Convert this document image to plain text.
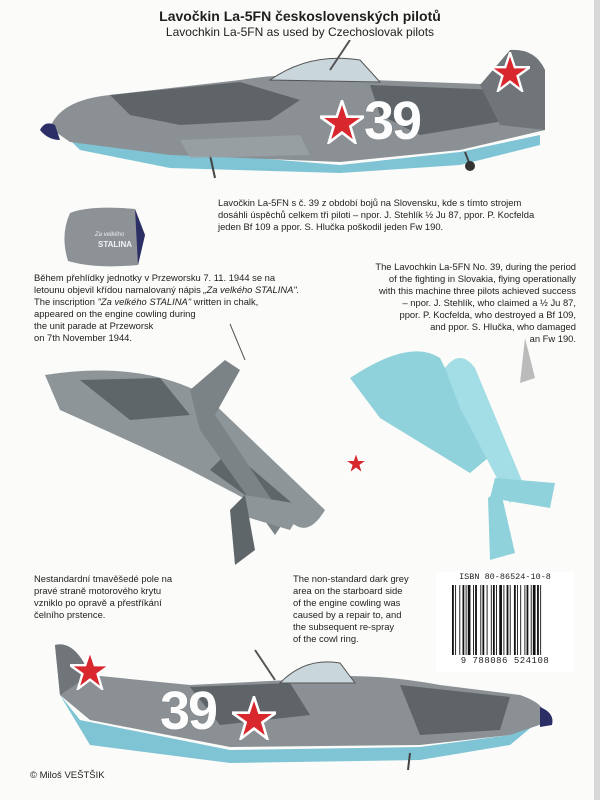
Lavočkin La-5FN československých pilotů
Lavochkin La-5FN as used by Czechoslovak pilots
39
Za velkého
STALINA
Lavočkin La-5FN s č. 39 z období bojů na Slovensku, kde s tímto strojem
dosáhli úspěchů celkem tři piloti – npor. J. Stehlík ½ Ju 87, ppor. P. Kocfelda
jeden Bf 109 a ppor. S. Hlučka poškodil jeden Fw 190.
Během přehlídky jednotky v Przeworsku 7. 11. 1944 se na
letounu objevil křídou namalovaný nápis „Za velkého STALINA".
The inscription "Za velkého STALINA" written in chalk,
appeared on the engine cowling during
the unit parade at Przeworsk
on 7th November 1944.
The Lavochkin La-5FN No. 39, during the period
of the fighting in Slovakia, flying operationally
with this machine three pilots achieved success
– npor. J. Stehlík, who claimed a ½ Ju 87,
ppor. P. Kocfelda, who destroyed a Bf 109,
and ppor. S. Hlučka, who damaged
an Fw 190.
Nestandardní tmavěšedé pole na
pravé straně motorového krytu
vzniklo po opravě a přestříkání
čelního prstence.
The non-standard dark grey
area on the starboard side
of the engine cowling was
caused by a repair to, and
the subsequent re-spray
of the cowl ring.
ISBN 80-86524-10-8
9 788086 524108
39
© Miloš VEŠTŠIK
